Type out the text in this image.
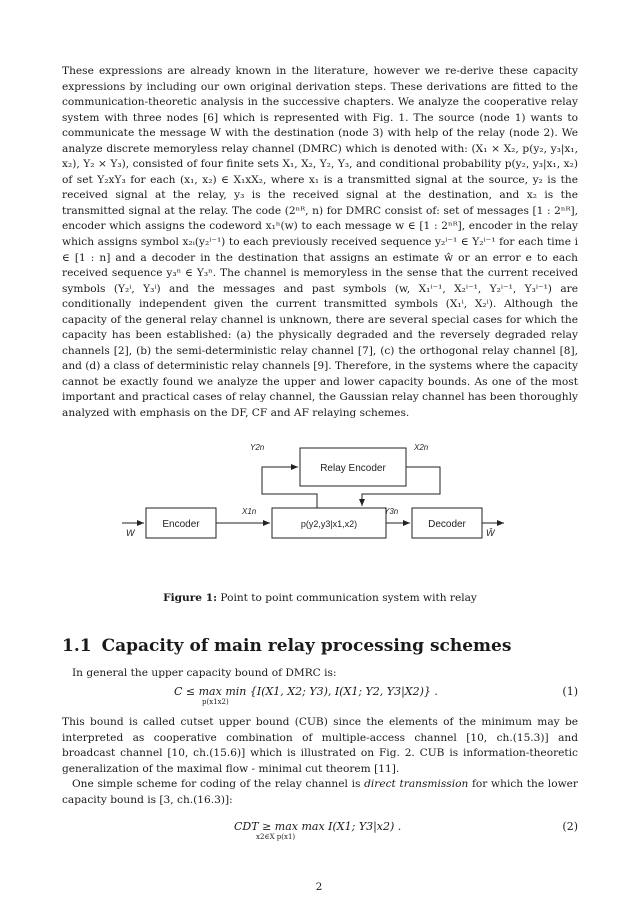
These expressions are already known in the literature, however we re-derive these capacity expressions by including our own original derivation steps. These derivations are fitted to the communication-theoretic analysis in the successive chapters. We analyze the cooperative relay system with three nodes [6] which is represented with Fig. 1. The source (node 1) wants to communicate the message W with the destination (node 3) with help of the relay (node 2). We analyze discrete memoryless relay channel (DMRC) which is denoted with: (X₁ × X₂, p(y₂, y₃|x₁, x₂), Y₂ × Y₃), consisted of four finite sets X₁, X₂, Y₂, Y₃, and conditional probability p(y₂, y₃|x₁, x₂) of set Y₂xY₃ for each (x₁, x₂) ∈ X₁xX₂, where x₁ is a transmitted signal at the source, y₂ is the received signal at the relay, y₃ is the received signal at the destination, and x₂ is the transmitted signal at the relay. The code (2ⁿᴿ, n) for DMRC consist of: set of messages [1 : 2ⁿᴿ], encoder which assigns the codeword x₁ⁿ(w) to each message w ∈ [1 : 2ⁿᴿ], encoder in the relay which assigns symbol x₂ᵢ(y₂ⁱ⁻¹) to each previously received sequence y₂ⁱ⁻¹ ∈ Y₂ⁱ⁻¹ for each time i ∈ [1 : n] and a decoder in the destination that assigns an estimate ŵ or an error e to each received sequence y₃ⁿ ∈ Y₃ⁿ. The channel is memoryless in the sense that the current received symbols (Y₂ⁱ, Y₃ⁱ) and the messages and past symbols (w, X₁ⁱ⁻¹, X₂ⁱ⁻¹, Y₂ⁱ⁻¹, Y₃ⁱ⁻¹) are conditionally independent given the current transmitted symbols (X₁ⁱ, X₂ⁱ). Although the capacity of the general relay channel is unknown, there are several special cases for which the capacity has been established: (a) the physically degraded and the reversely degraded relay channels [2], (b) the semi-deterministic relay channel [7], (c) the orthogonal relay channel [8], and (d) a class of deterministic relay channels [9]. Therefore, in the systems where the capacity cannot be exactly found we analyze the upper and lower capacity bounds. As one of the most important and practical cases of relay channel, the Gaussian relay channel has been thoroughly analyzed with emphasis on the DF, CF and AF relaying schemes.

Relay Encoder
Encoder	p(y2,y3|x1,x2)	Decoder
Y2n	X2n
X1n	Y3n
W	Ŵ

Figure 1: Point to point communication system with relay

1.1 Capacity of main relay processing schemes

In general the upper capacity bound of DMRC is:

C ≤ max min {I(X1, X2; Y3), I(X1; Y2, Y3|X2)} .
p(x1x2)
(1)

This bound is called cutset upper bound (CUB) since the elements of the minimum may be interpreted as cooperative combination of multiple-access channel [10, ch.(15.3)] and broadcast channel [10, ch.(15.6)] which is illustrated on Fig. 2. CUB is information-theoretic generalization of the maximal flow - minimal cut theorem [11].

One simple scheme for coding of the relay channel is direct transmission for which the lower capacity bound is [3, ch.(16.3)]:

CDT ≥ max max I(X1; Y3|x2) .
x2∈X p(x1)
(2)
2
